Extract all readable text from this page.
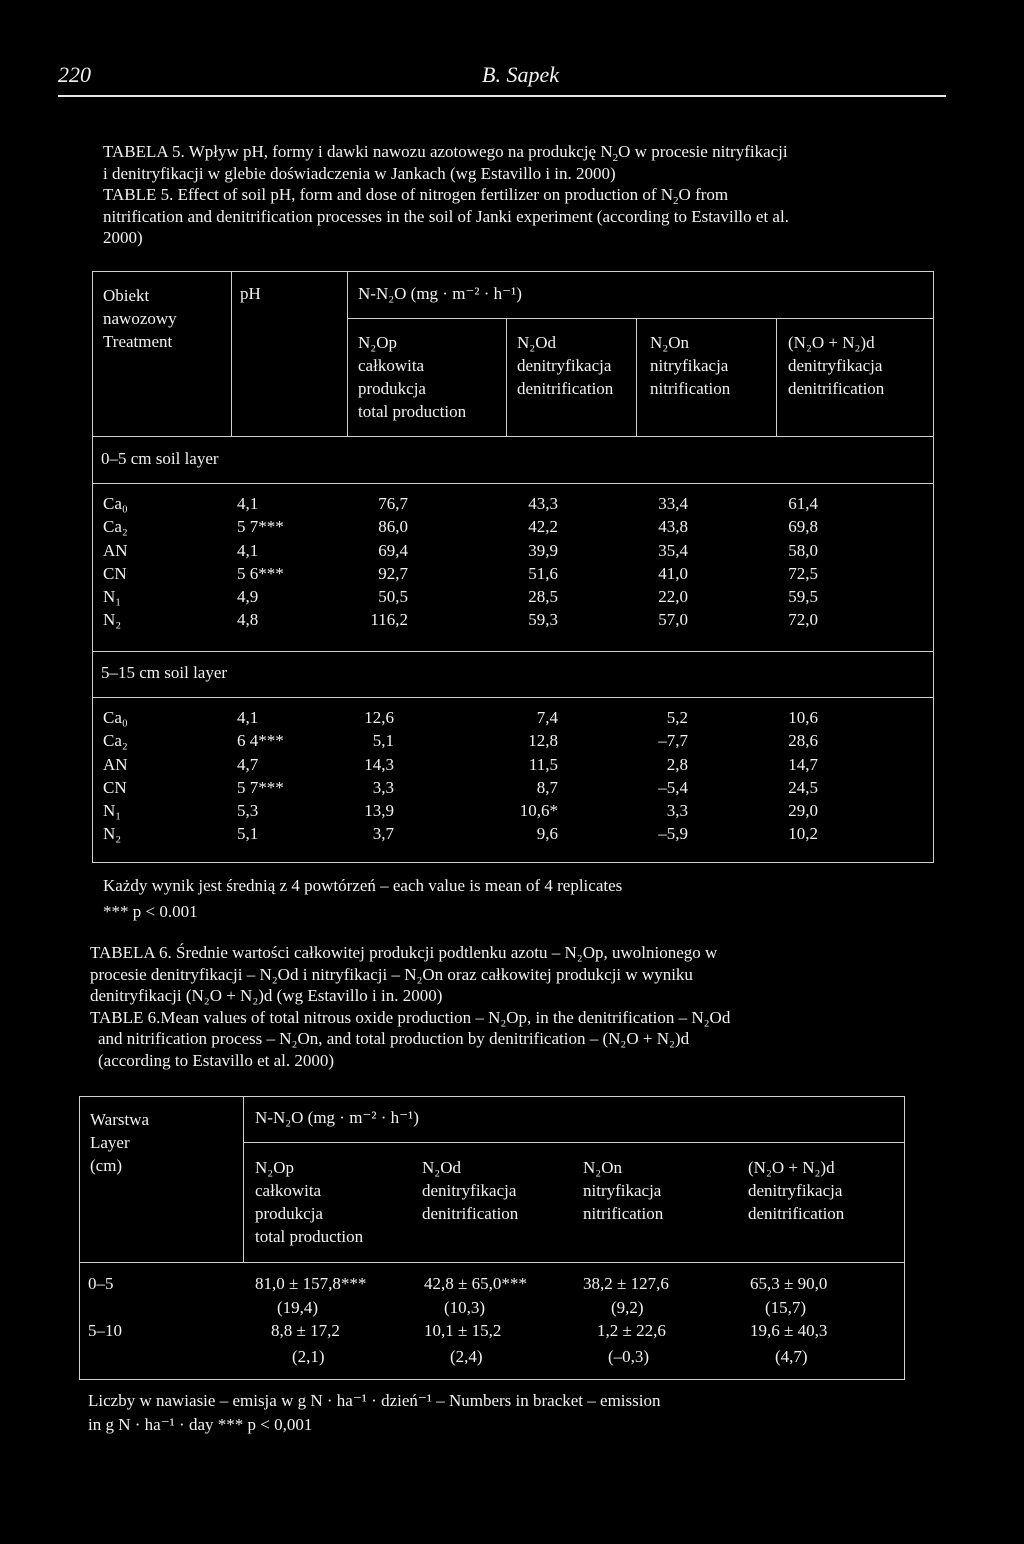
220	B. Sapek
TABELA 5. Wpływ pH, formy i dawki nawozu azotowego na produkcję $N_2O$ w procesie nitryfikacji
i denitryfikacji w glebie doświadczenia w Jankach (wg Estavillo i in. 2000)
TABLE 5. Effect of soil pH, form and dose of nitrogen fertilizer on production of $N_2O$ from
nitrification and denitrification processes in the soil of Janki experiment (according to Estavillo et al.
2000)
Obiekt
nawozowy
Treatment
pH	N-N₂O (mg · m⁻² · h⁻¹)
N₂Op
całkowita
produkcja
total production
N₂Od
denitryfikacja
denitrification
N₂On
nitryfikacja
nitrification
(N₂O + N₂)d
denitryfikacja
denitrification
0–5 cm soil layer
5–15 cm soil layer
Ca₀
Ca₂
AN
CN
N₁
N₂
4,1
5 7***
4,1
5 6***
4,9
4,8
76,7
86,0
69,4
92,7
50,5
116,2
43,3
42,2
39,9
51,6
28,5
59,3
33,4
43,8
35,4
41,0
22,0
57,0
61,4
69,8
58,0
72,5
59,5
72,0
Ca₀
Ca₂
AN
CN
N₁
N₂
4,1
6 4***
4,7
5 7***
5,3
5,1
12,6
5,1
14,3
3,3
13,9
3,7
7,4
12,8
11,5
8,7
10,6*
9,6
5,2
–7,7
2,8
–5,4
3,3
–5,9
10,6
28,6
14,7
24,5
29,0
10,2
Każdy wynik jest średnią z 4 powtórzeń – each value is mean of 4 replicates
*** p < 0.001
TABELA 6. Średnie wartości całkowitej produkcji podtlenku azotu – N₂Op, uwolnionego w
procesie denitryfikacji – N₂Od i nitryfikacji – N₂On oraz całkowitej produkcji w wyniku
denitryfikacji (N₂O + N₂)d (wg Estavillo i in. 2000)
TABLE 6.Mean values of total nitrous oxide production – N₂Op, in the denitrification – N₂Od
and nitrification process – N₂On, and total production by denitrification – (N₂O + N₂)d
(according to Estavillo et al. 2000)
Warstwa
Layer
(cm)
N-N₂O (mg · m⁻² · h⁻¹)
N₂Op
całkowita
produkcja
total production
N₂Od
denitryfikacja
denitrification
N₂On
nitryfikacja
nitrification
(N₂O + N₂)d
denitryfikacja
denitrification
0–5
5–10
81,0 ± 157,8***
(19,4)
8,8 ± 17,2
(2,1)
42,8 ± 65,0***
(10,3)
10,1 ± 15,2
(2,4)
38,2 ± 127,6
(9,2)
1,2 ± 22,6
(–0,3)
65,3 ± 90,0
(15,7)
19,6 ± 40,3
(4,7)
Liczby w nawiasie – emisja w g N · ha⁻¹ · dzień⁻¹ – Numbers in bracket – emission
in g N · ha⁻¹ · day *** p < 0,001
